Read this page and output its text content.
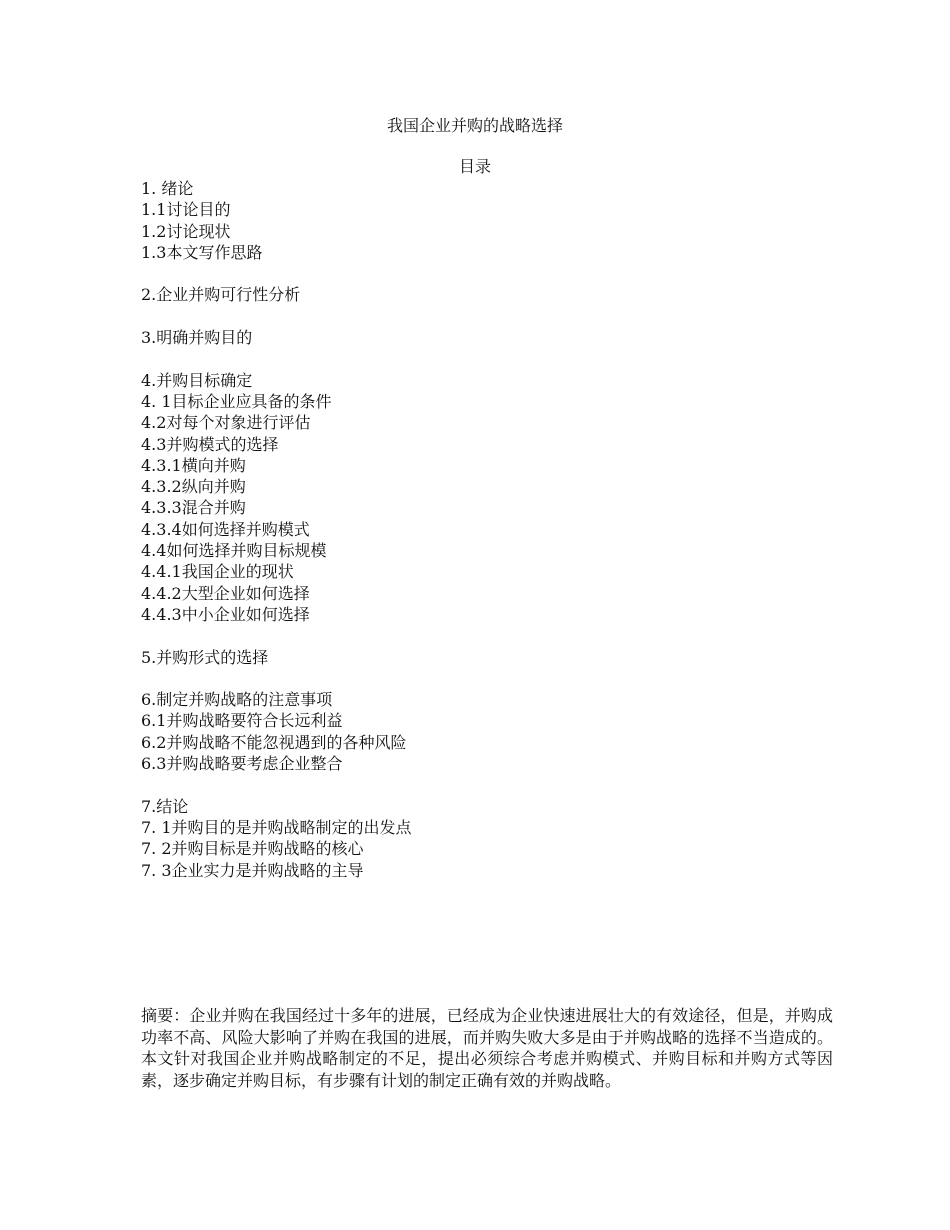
我国企业并购的战略选择
目录
1. 绪论
1.1讨论目的
1.2讨论现状
1.3本文写作思路
2.企业并购可行性分析
3.明确并购目的
4.并购目标确定
4. 1目标企业应具备的条件
4.2对每个对象进行评估
4.3并购模式的选择
4.3.1横向并购
4.3.2纵向并购
4.3.3混合并购
4.3.4如何选择并购模式
4.4如何选择并购目标规模
4.4.1我国企业的现状
4.4.2大型企业如何选择
4.4.3中小企业如何选择
5.并购形式的选择
6.制定并购战略的注意事项
6.1并购战略要符合长远利益
6.2并购战略不能忽视遇到的各种风险
6.3并购战略要考虑企业整合
7.结论
7. 1并购目的是并购战略制定的出发点
7. 2并购目标是并购战略的核心
7. 3企业实力是并购战略的主导
摘要：企业并购在我国经过十多年的进展，已经成为企业快速进展壮大的有效途径，但是，并购成功率不高、风险大影响了并购在我国的进展，而并购失败大多是由于并购战略的选择不当造成的。本文针对我国企业并购战略制定的不足，提出必须综合考虑并购模式、并购目标和并购方式等因素，逐步确定并购目标，有步骤有计划的制定正确有效的并购战略。
